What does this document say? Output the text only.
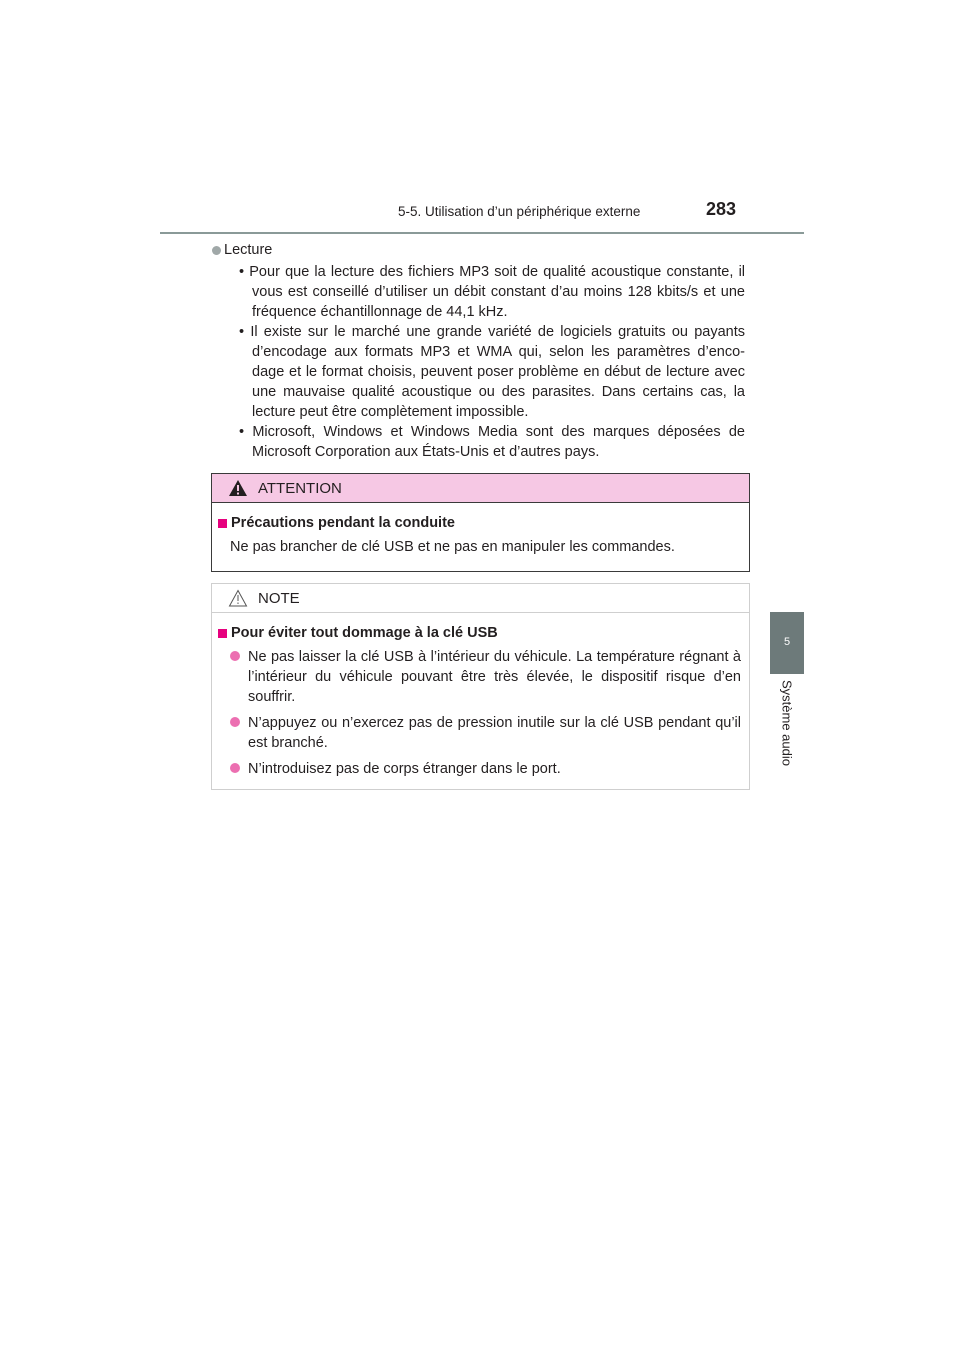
5-5. Utilisation d’un périphérique externe	283
5
Système audio
Lecture
• Pour que la lecture des fichiers MP3 soit de qualité acoustique constante, il vous est conseillé d’utiliser un débit constant d’au moins 128 kbits/s et une fréquence échantillonnage de 44,1 kHz.
• Il existe sur le marché une grande variété de logiciels gratuits ou payants d’encodage aux formats MP3 et WMA qui, selon les paramètres d’enco-dage et le format choisis, peuvent poser problème en début de lecture avec une mauvaise qualité acoustique ou des parasites. Dans certains cas, la lecture peut être complètement impossible.
• Microsoft, Windows et Windows Media sont des marques déposées de Microsoft Corporation aux États-Unis et d’autres pays.
ATTENTION
Précautions pendant la conduite
Ne pas brancher de clé USB et ne pas en manipuler les commandes.
NOTE
Pour éviter tout dommage à la clé USB
Ne pas laisser la clé USB à l’intérieur du véhicule. La température régnant à l’intérieur du véhicule pouvant être très élevée, le dispositif risque d’en souffrir.
N’appuyez ou n’exercez pas de pression inutile sur la clé USB pendant qu’il est branché.
N’introduisez pas de corps étranger dans le port.
